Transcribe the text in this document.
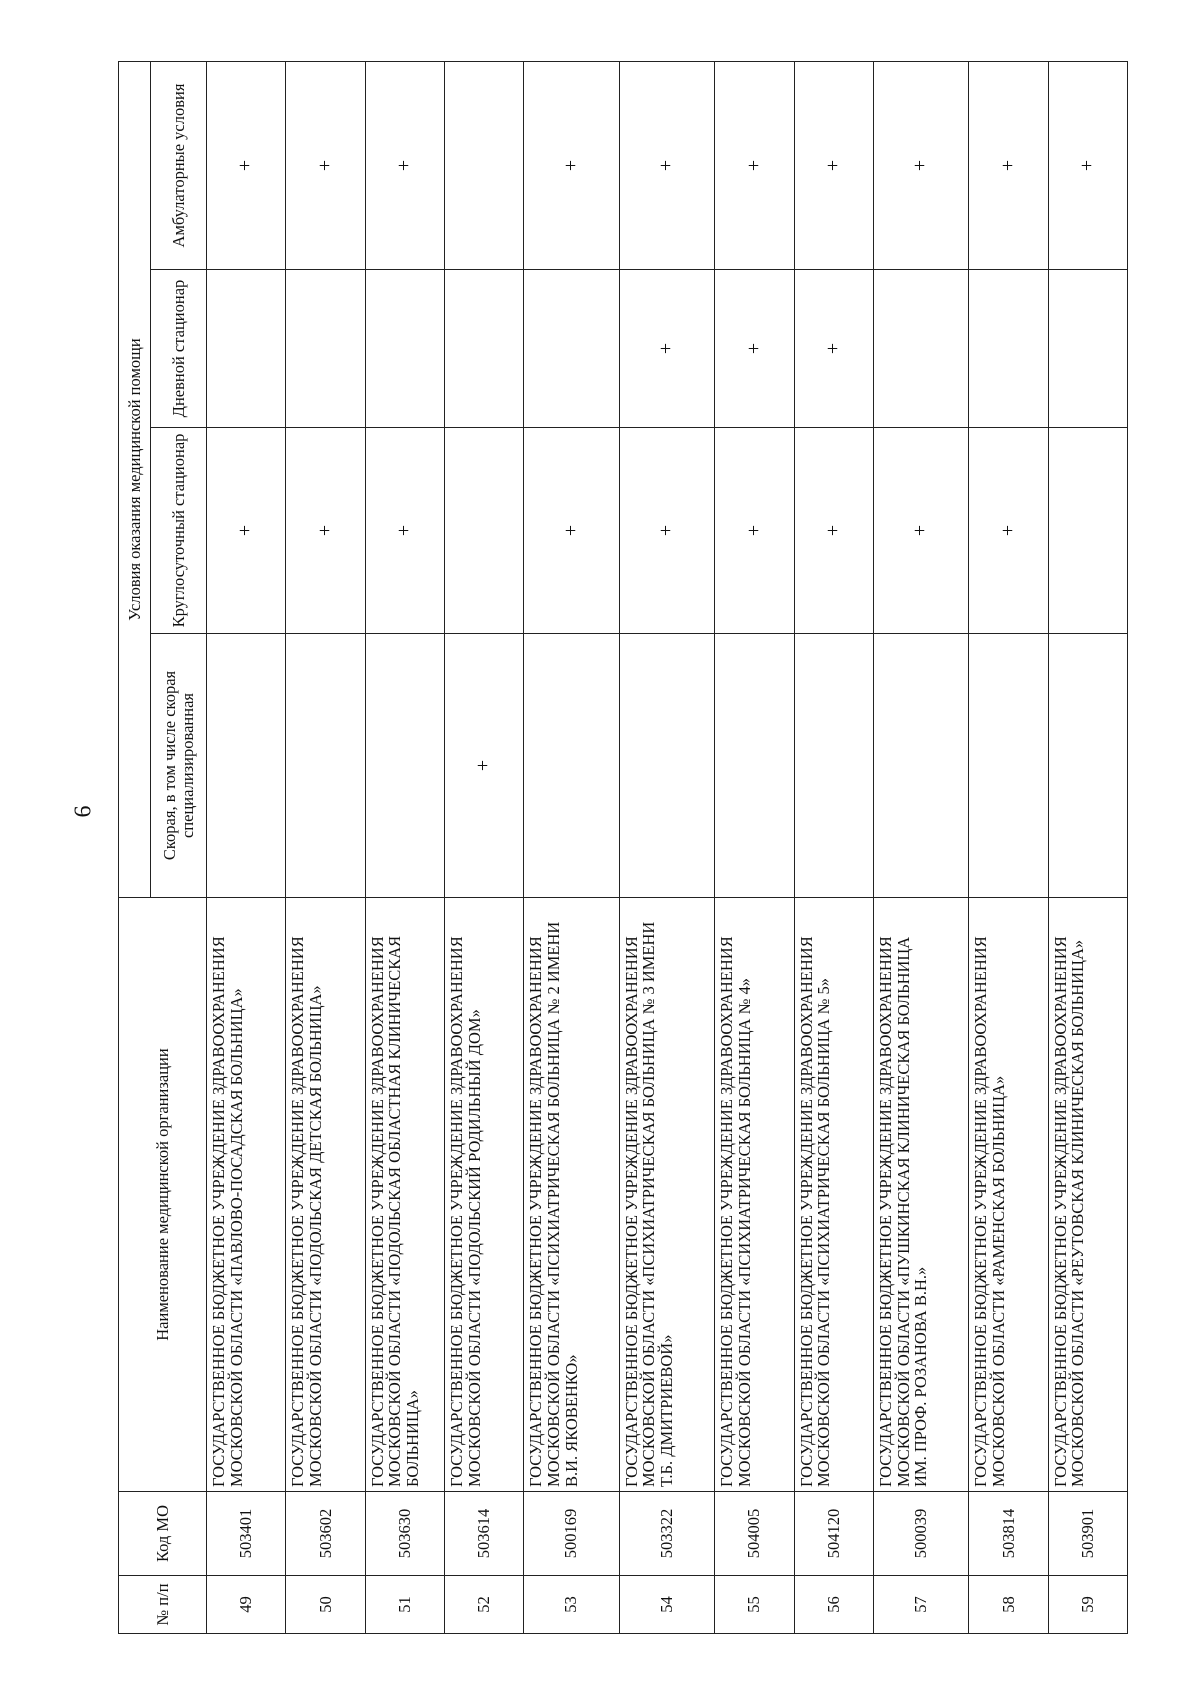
6
№ п/п	Код МО	Наименование медицинской организации	Условия оказания медицинской помощи			
			Скорая, в том числе скорая специализированная	Круглосуточный стационар	Дневной стационар	Амбулаторные условия
49	503401	ГОСУДАРСТВЕННОЕ БЮДЖЕТНОЕ УЧРЕЖДЕНИЕ ЗДРАВООХРАНЕНИЯ МОСКОВСКОЙ ОБЛАСТИ «ПАВЛОВО-ПОСАДСКАЯ БОЛЬНИЦА»		+		+
50	503602	ГОСУДАРСТВЕННОЕ БЮДЖЕТНОЕ УЧРЕЖДЕНИЕ ЗДРАВООХРАНЕНИЯ МОСКОВСКОЙ ОБЛАСТИ «ПОДОЛЬСКАЯ ДЕТСКАЯ БОЛЬНИЦА»		+		+
51	503630	ГОСУДАРСТВЕННОЕ БЮДЖЕТНОЕ УЧРЕЖДЕНИЕ ЗДРАВООХРАНЕНИЯ МОСКОВСКОЙ ОБЛАСТИ «ПОДОЛЬСКАЯ ОБЛАСТНАЯ КЛИНИЧЕСКАЯ БОЛЬНИЦА»		+		+
52	503614	ГОСУДАРСТВЕННОЕ БЮДЖЕТНОЕ УЧРЕЖДЕНИЕ ЗДРАВООХРАНЕНИЯ МОСКОВСКОЙ ОБЛАСТИ «ПОДОЛЬСКИЙ РОДИЛЬНЫЙ ДОМ»	+			
53	500169	ГОСУДАРСТВЕННОЕ БЮДЖЕТНОЕ УЧРЕЖДЕНИЕ ЗДРАВООХРАНЕНИЯ МОСКОВСКОЙ ОБЛАСТИ «ПСИХИАТРИЧЕСКАЯ БОЛЬНИЦА № 2 ИМЕНИ В.И. ЯКОВЕНКО»		+		+
54	503322	ГОСУДАРСТВЕННОЕ БЮДЖЕТНОЕ УЧРЕЖДЕНИЕ ЗДРАВООХРАНЕНИЯ МОСКОВСКОЙ ОБЛАСТИ «ПСИХИАТРИЧЕСКАЯ БОЛЬНИЦА № 3 ИМЕНИ Т.Б. ДМИТРИЕВОЙ»		+	+	+
55	504005	ГОСУДАРСТВЕННОЕ БЮДЖЕТНОЕ УЧРЕЖДЕНИЕ ЗДРАВООХРАНЕНИЯ МОСКОВСКОЙ ОБЛАСТИ «ПСИХИАТРИЧЕСКАЯ БОЛЬНИЦА № 4»		+	+	+
56	504120	ГОСУДАРСТВЕННОЕ БЮДЖЕТНОЕ УЧРЕЖДЕНИЕ ЗДРАВООХРАНЕНИЯ МОСКОВСКОЙ ОБЛАСТИ «ПСИХИАТРИЧЕСКАЯ БОЛЬНИЦА № 5»		+	+	+
57	500039	ГОСУДАРСТВЕННОЕ БЮДЖЕТНОЕ УЧРЕЖДЕНИЕ ЗДРАВООХРАНЕНИЯ МОСКОВСКОЙ ОБЛАСТИ «ПУШКИНСКАЯ КЛИНИЧЕСКАЯ БОЛЬНИЦА ИМ. ПРОФ. РОЗАНОВА В.Н.»		+		+
58	503814	ГОСУДАРСТВЕННОЕ БЮДЖЕТНОЕ УЧРЕЖДЕНИЕ ЗДРАВООХРАНЕНИЯ МОСКОВСКОЙ ОБЛАСТИ «РАМЕНСКАЯ БОЛЬНИЦА»		+		+
59	503901	ГОСУДАРСТВЕННОЕ БЮДЖЕТНОЕ УЧРЕЖДЕНИЕ ЗДРАВООХРАНЕНИЯ МОСКОВСКОЙ ОБЛАСТИ «РЕУТОВСКАЯ КЛИНИЧЕСКАЯ БОЛЬНИЦА»				+
